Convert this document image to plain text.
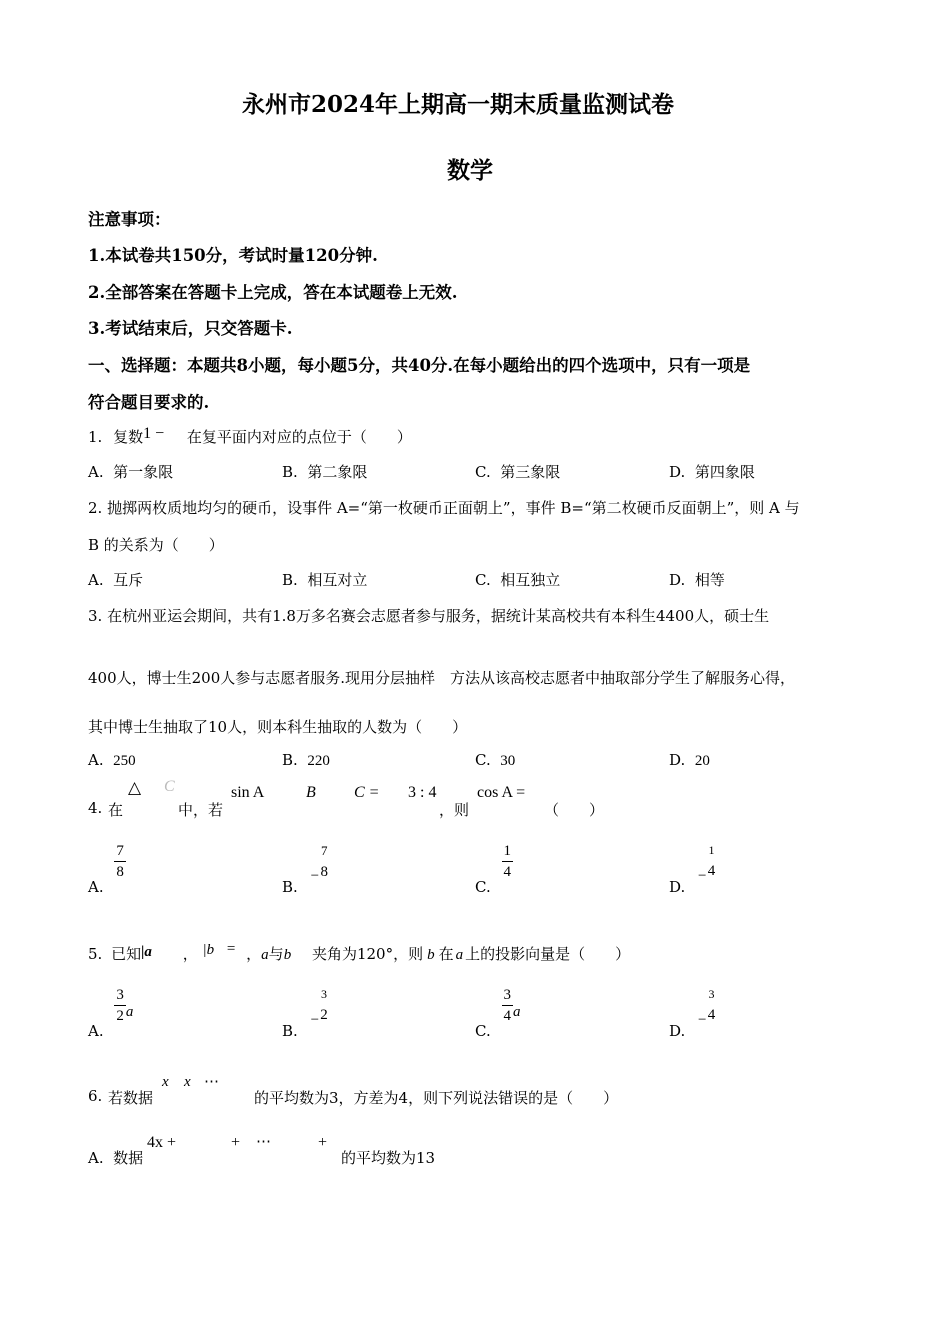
永州市2024年上期高一期末质量监测试卷
数学
注意事项：
1.本试卷共150分，考试时量120分钟.
2.全部答案在答题卡上完成，答在本试题卷上无效.
3.考试结束后，只交答题卡.
一、选择题：本题共8小题，每小题5分，共40分.在每小题给出的四个选项中，只有一项是
符合题目要求的.
1. 复数1 − 在复平面内对应的点位于（　　）
A. 第一象限	B. 第二象限	C. 第三象限	D. 第四象限
2. 抛掷两枚质地均匀的硬币，设事件 A=“第一枚硬币正面朝上”，事件 B=“第二枚硬币反面朝上”，则 A 与
B 的关系为（　　）
A. 互斥	B. 相互对立	C. 相互独立	D. 相等
3. 在杭州亚运会期间，共有1.8万多名赛会志愿者参与服务，据统计某高校共有本科生4400人，硕士生
400人，博士生200人参与志愿者服务.现用分层抽样　方法从该高校志愿者中抽取部分学生了解服务心得，
其中博士生抽取了10人，则本科生抽取的人数为（　　）
A. 250	B. 220	C. 30	D. 20
4. 在
△ C
中，若
sin A	B C = 3 : 4
，则
cos A =
（　　）
A.
$\frac{7}{8}$
B. −
7
8
C.
$\frac{1}{4}$
D. −
1
4
5. 已知|a ， |b = ，a与b 夹角为120°，则 b 在 a 上的投影向量是（　　）
A.
$\frac{3}{2}$ a
B. −
3
2
C.
$\frac{3}{4}$ a
D. −
3
4
6. 若数据
x x ⋯
的平均数为3，方差为4，则下列说法错误的是（　　）
A. 数据
4x +	+ ⋯	+
的平均数为13
